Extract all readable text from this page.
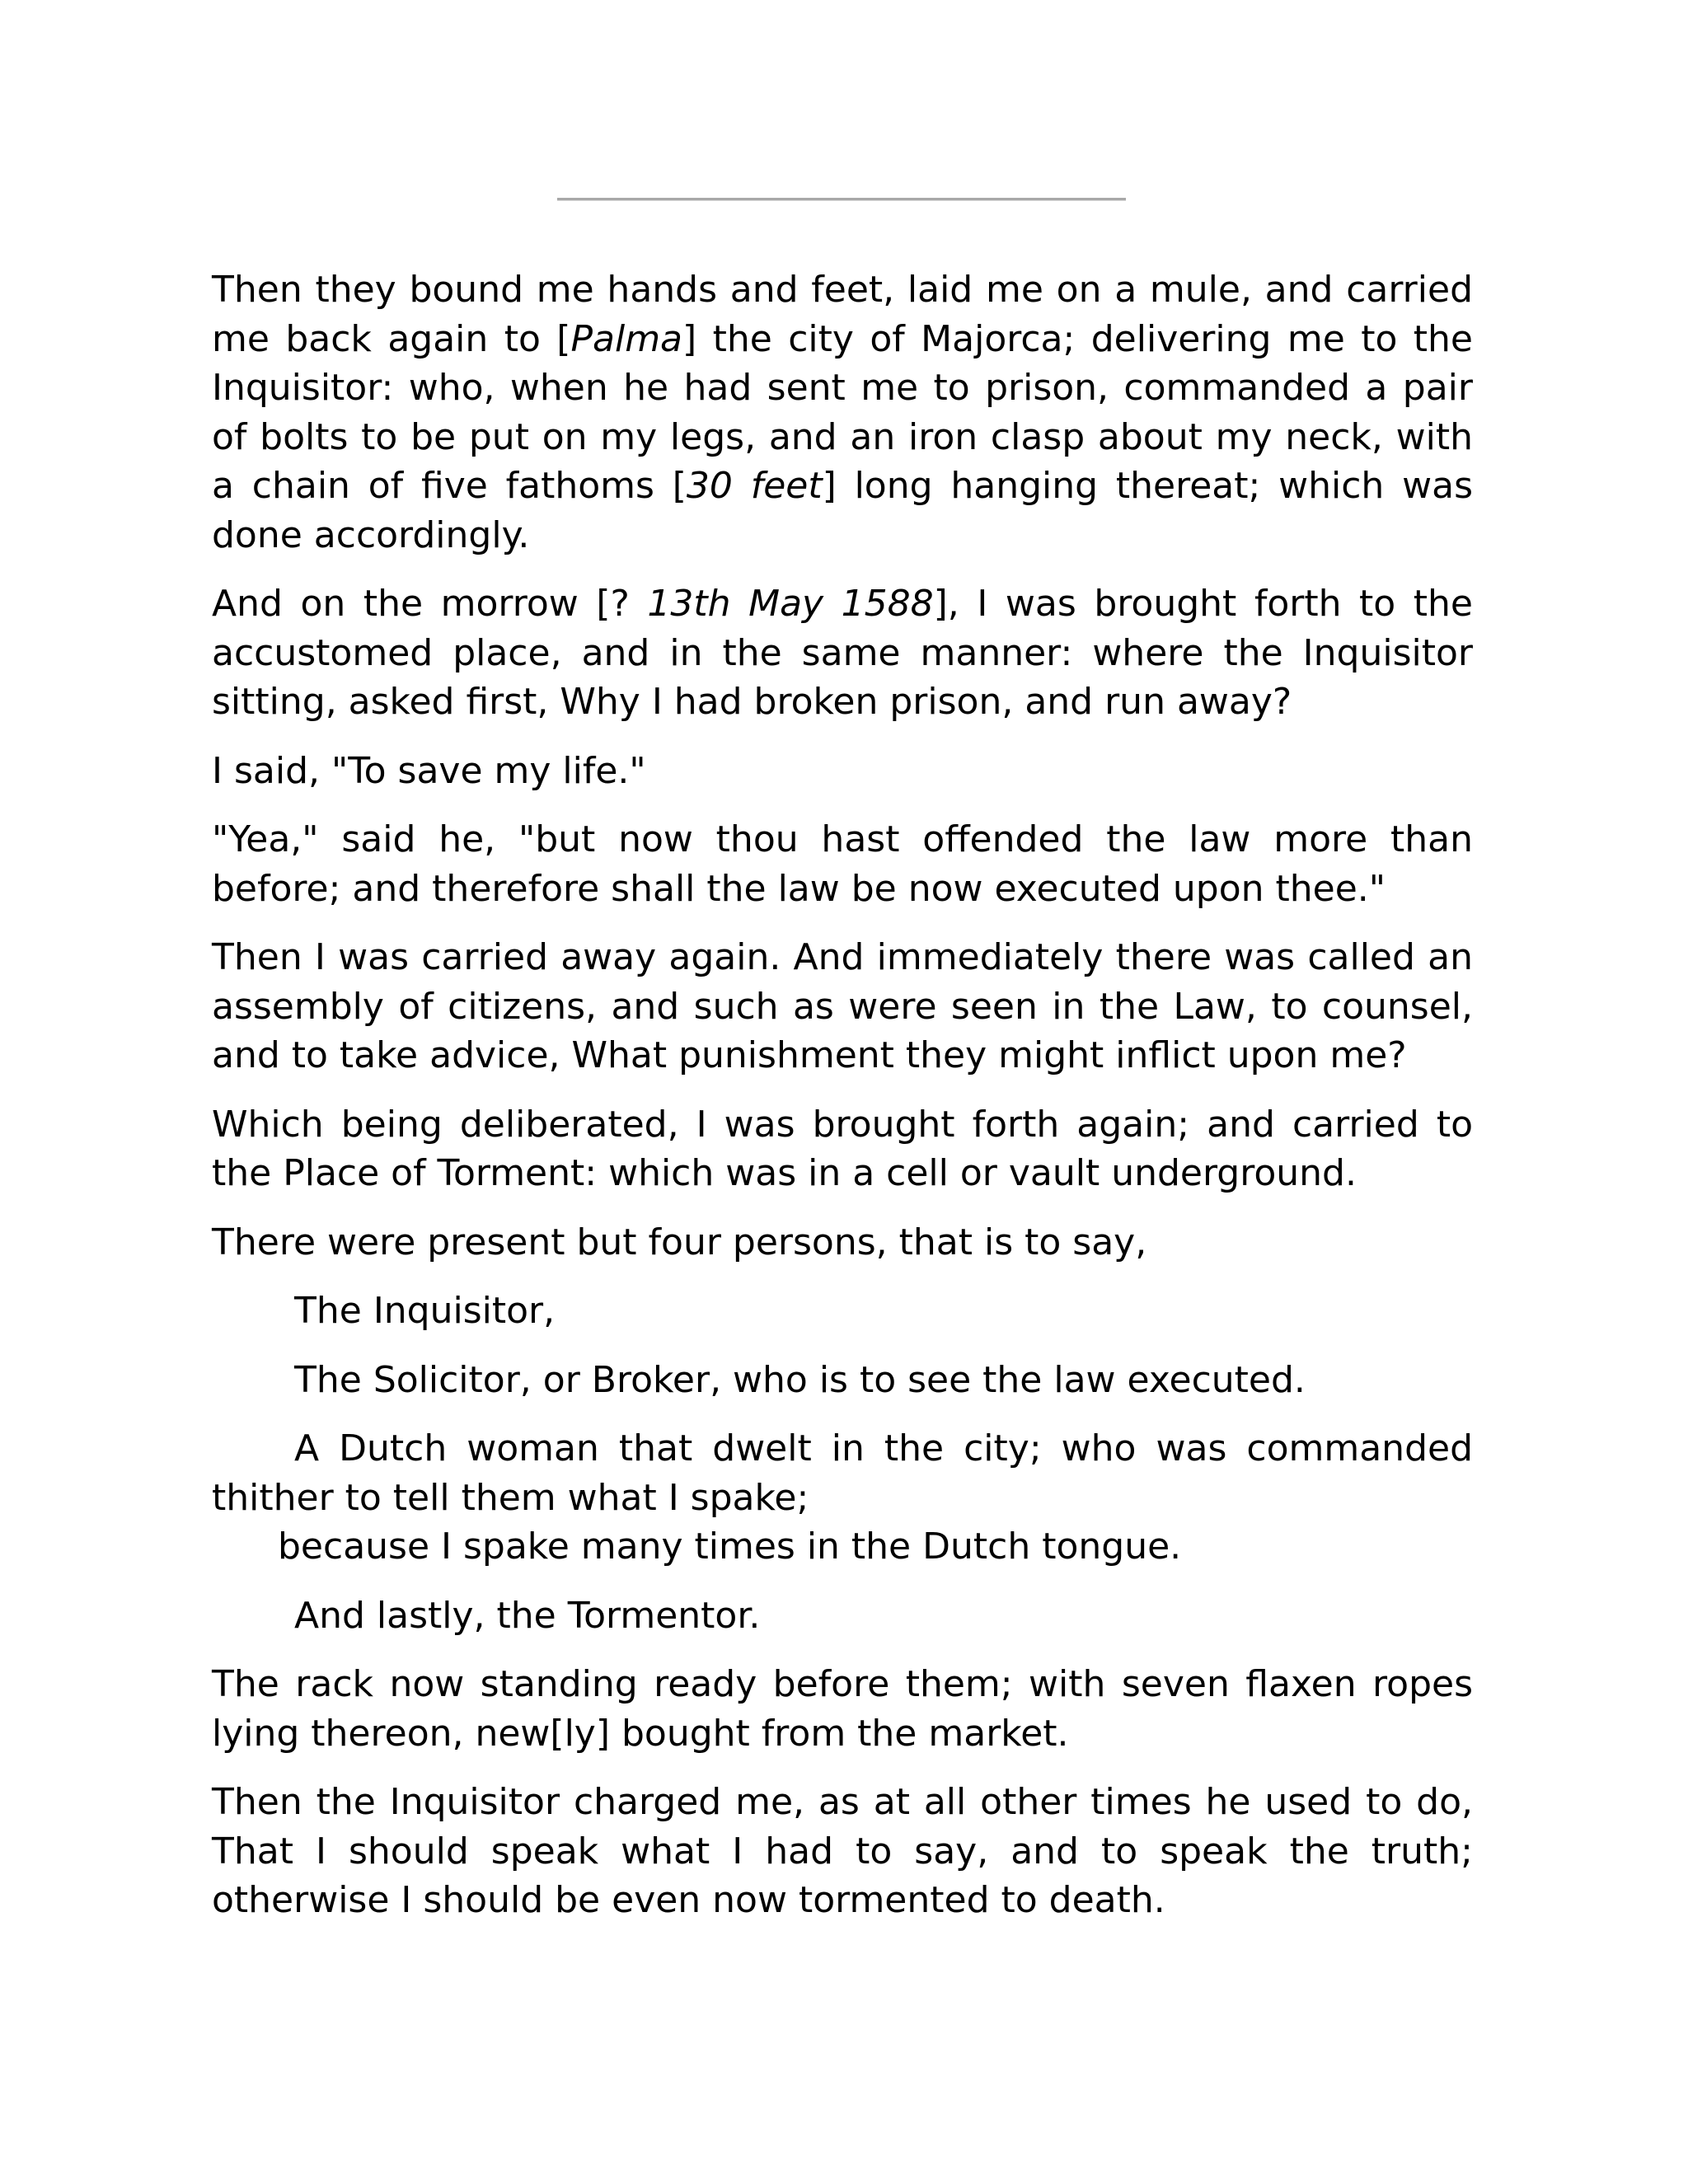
Then they bound me hands and feet, laid me on a mule, and carried me back again to [Palma] the city of Majorca; delivering me to the Inquisitor: who, when he had sent me to prison, commanded a pair of bolts to be put on my legs, and an iron clasp about my neck, with a chain of five fathoms [30 feet] long hanging thereat; which was done accordingly.

And on the morrow [? 13th May 1588], I was brought forth to the accustomed place, and in the same manner: where the Inquisitor sitting, asked first, Why I had broken prison, and run away?

I said, "To save my life."

"Yea," said he, "but now thou hast offended the law more than before; and therefore shall the law be now executed upon thee."

Then I was carried away again. And immediately there was called an assembly of citizens, and such as were seen in the Law, to counsel, and to take advice, What punishment they might inflict upon me?

Which being deliberated, I was brought forth again; and carried to the Place of Torment: which was in a cell or vault underground.

There were present but four persons, that is to say,

The Inquisitor,

The Solicitor, or Broker, who is to see the law executed.

A Dutch woman that dwelt in the city; who was commanded thither to tell them what I spake;

because I spake many times in the Dutch tongue.

And lastly, the Tormentor.

The rack now standing ready before them; with seven flaxen ropes lying thereon, new[ly] bought from the market.

Then the Inquisitor charged me, as at all other times he used to do, That I should speak what I had to say, and to speak the truth; otherwise I should be even now tormented to death.
